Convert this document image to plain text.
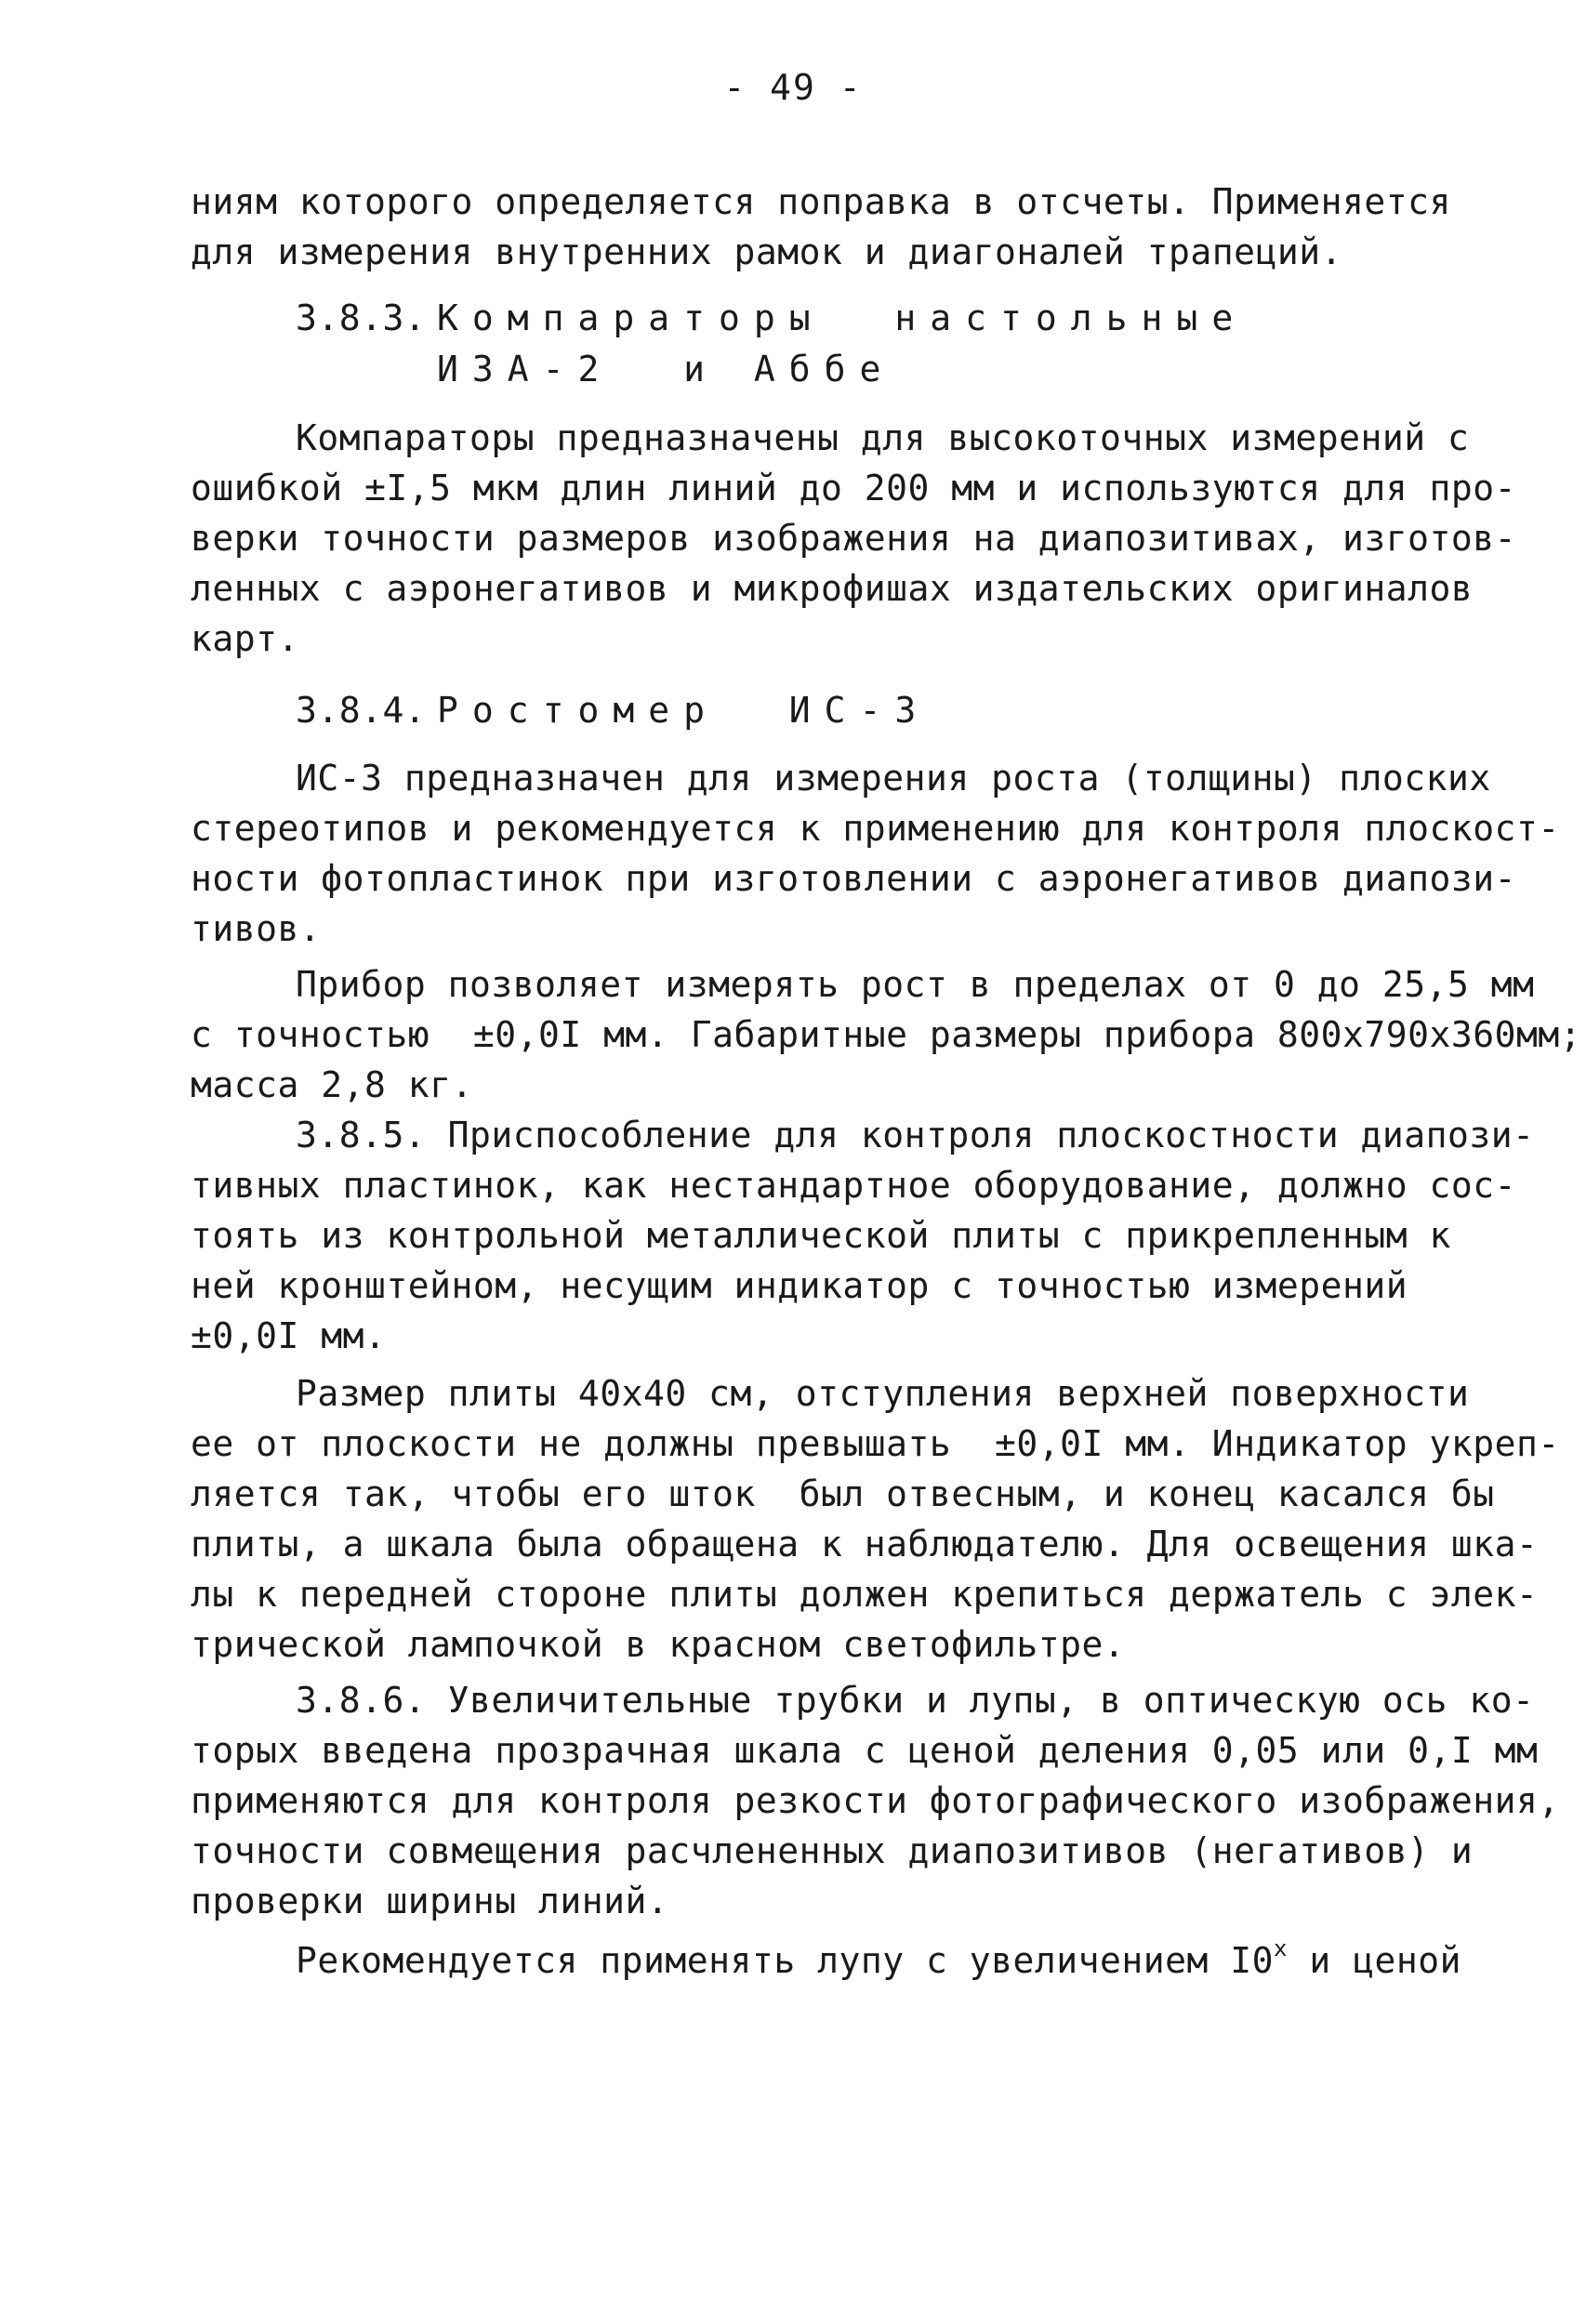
- 49 -
ниям которого определяется поправка в отсчеты. Применяется
для измерения внутренних рамок и диагоналей трапеций.
3.8.3. Компараторы  настольные
ИЗА-2  и Аббе
Компараторы предназначены для высокоточных измерений с
ошибкой ±I,5 мкм длин линий до 200 мм и используются для про-
верки точности размеров изображения на диапозитивах, изготов-
ленных с аэронегативов и микрофишах издательских оригиналов
карт.
3.8.4. Ростомер  ИС-3
ИС-3 предназначен для измерения роста (толщины) плоских
стереотипов и рекомендуется к применению для контроля плоскост-
ности фотопластинок при изготовлении с аэронегативов диапози-
тивов.
Прибор позволяет измерять рост в пределах от 0 до 25,5 мм
с точностью  ±0,0I мм. Габаритные размеры прибора 800х790х360мм;
масса 2,8 кг.
3.8.5. Приспособление для контроля плоскостности диапози-
тивных пластинок, как нестандартное оборудование, должно сос-
тоять из контрольной металлической плиты с прикрепленным к
ней кронштейном, несущим индикатор с точностью измерений
±0,0I мм.
Размер плиты 40х40 см, отступления верхней поверхности
ее от плоскости не должны превышать  ±0,0I мм. Индикатор укреп-
ляется так, чтобы его шток  был отвесным, и конец касался бы
плиты, а шкала была обращена к наблюдателю. Для освещения шка-
лы к передней стороне плиты должен крепиться держатель с элек-
трической лампочкой в красном светофильтре.
3.8.6. Увеличительные трубки и лупы, в оптическую ось ко-
торых введена прозрачная шкала с ценой деления 0,05 или 0,I мм
применяются для контроля резкости фотографического изображения,
точности совмещения расчлененных диапозитивов (негативов) и
проверки ширины линий.
Рекомендуется применять лупу с увеличением $I0^х$ и ценой
